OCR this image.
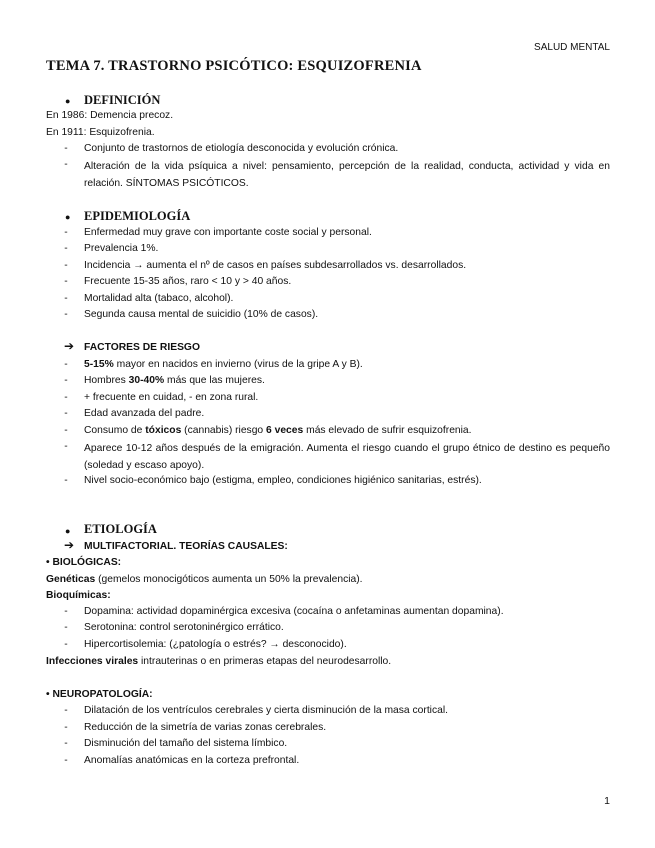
SALUD MENTAL
TEMA 7. TRASTORNO PSICÓTICO: ESQUIZOFRENIA
● DEFINICIÓN
En 1986: Demencia precoz.
En 1911: Esquizofrenia.
-	Conjunto de trastornos de etiología desconocida y evolución crónica.
-	Alteración de la vida psíquica a nivel: pensamiento, percepción de la realidad, conducta, actividad y vida en relación. SÍNTOMAS PSICÓTICOS.
● EPIDEMIOLOGÍA
-	Enfermedad muy grave con importante coste social y personal.
-	Prevalencia 1%.
-	Incidencia → aumenta el nº de casos en países subdesarrollados vs. desarrollados.
-	Frecuente 15-35 años, raro < 10 y > 40 años.
-	Mortalidad alta (tabaco, alcohol).
-	Segunda causa mental de suicidio (10% de casos).
➔ FACTORES DE RIESGO
-	5-15% mayor en nacidos en invierno (virus de la gripe A y B).
-	Hombres 30-40% más que las mujeres.
-	+ frecuente en cuidad, - en zona rural.
-	Edad avanzada del padre.
-	Consumo de tóxicos (cannabis) riesgo 6 veces más elevado de sufrir esquizofrenia.
-	Aparece 10-12 años después de la emigración. Aumenta el riesgo cuando el grupo étnico de destino es pequeño (soledad y escaso apoyo).
-	Nivel socio-económico bajo (estigma, empleo, condiciones higiénico sanitarias, estrés).
● ETIOLOGÍA
➔ MULTIFACTORIAL. TEORÍAS CAUSALES:
• BIOLÓGICAS:
Genéticas (gemelos monocigóticos aumenta un 50% la prevalencia).
Bioquímicas:
-	Dopamina: actividad dopaminérgica excesiva (cocaína o anfetaminas aumentan dopamina).
-	Serotonina: control serotoninérgico errático.
-	Hipercortisolemia: (¿patología o estrés? → desconocido).
Infecciones virales intrauterinas o en primeras etapas del neurodesarrollo.
• NEUROPATOLOGÍA:
-	Dilatación de los ventrículos cerebrales y cierta disminución de la masa cortical.
-	Reducción de la simetría de varias zonas cerebrales.
-	Disminución del tamaño del sistema límbico.
-	Anomalías anatómicas en la corteza prefrontal.
1
